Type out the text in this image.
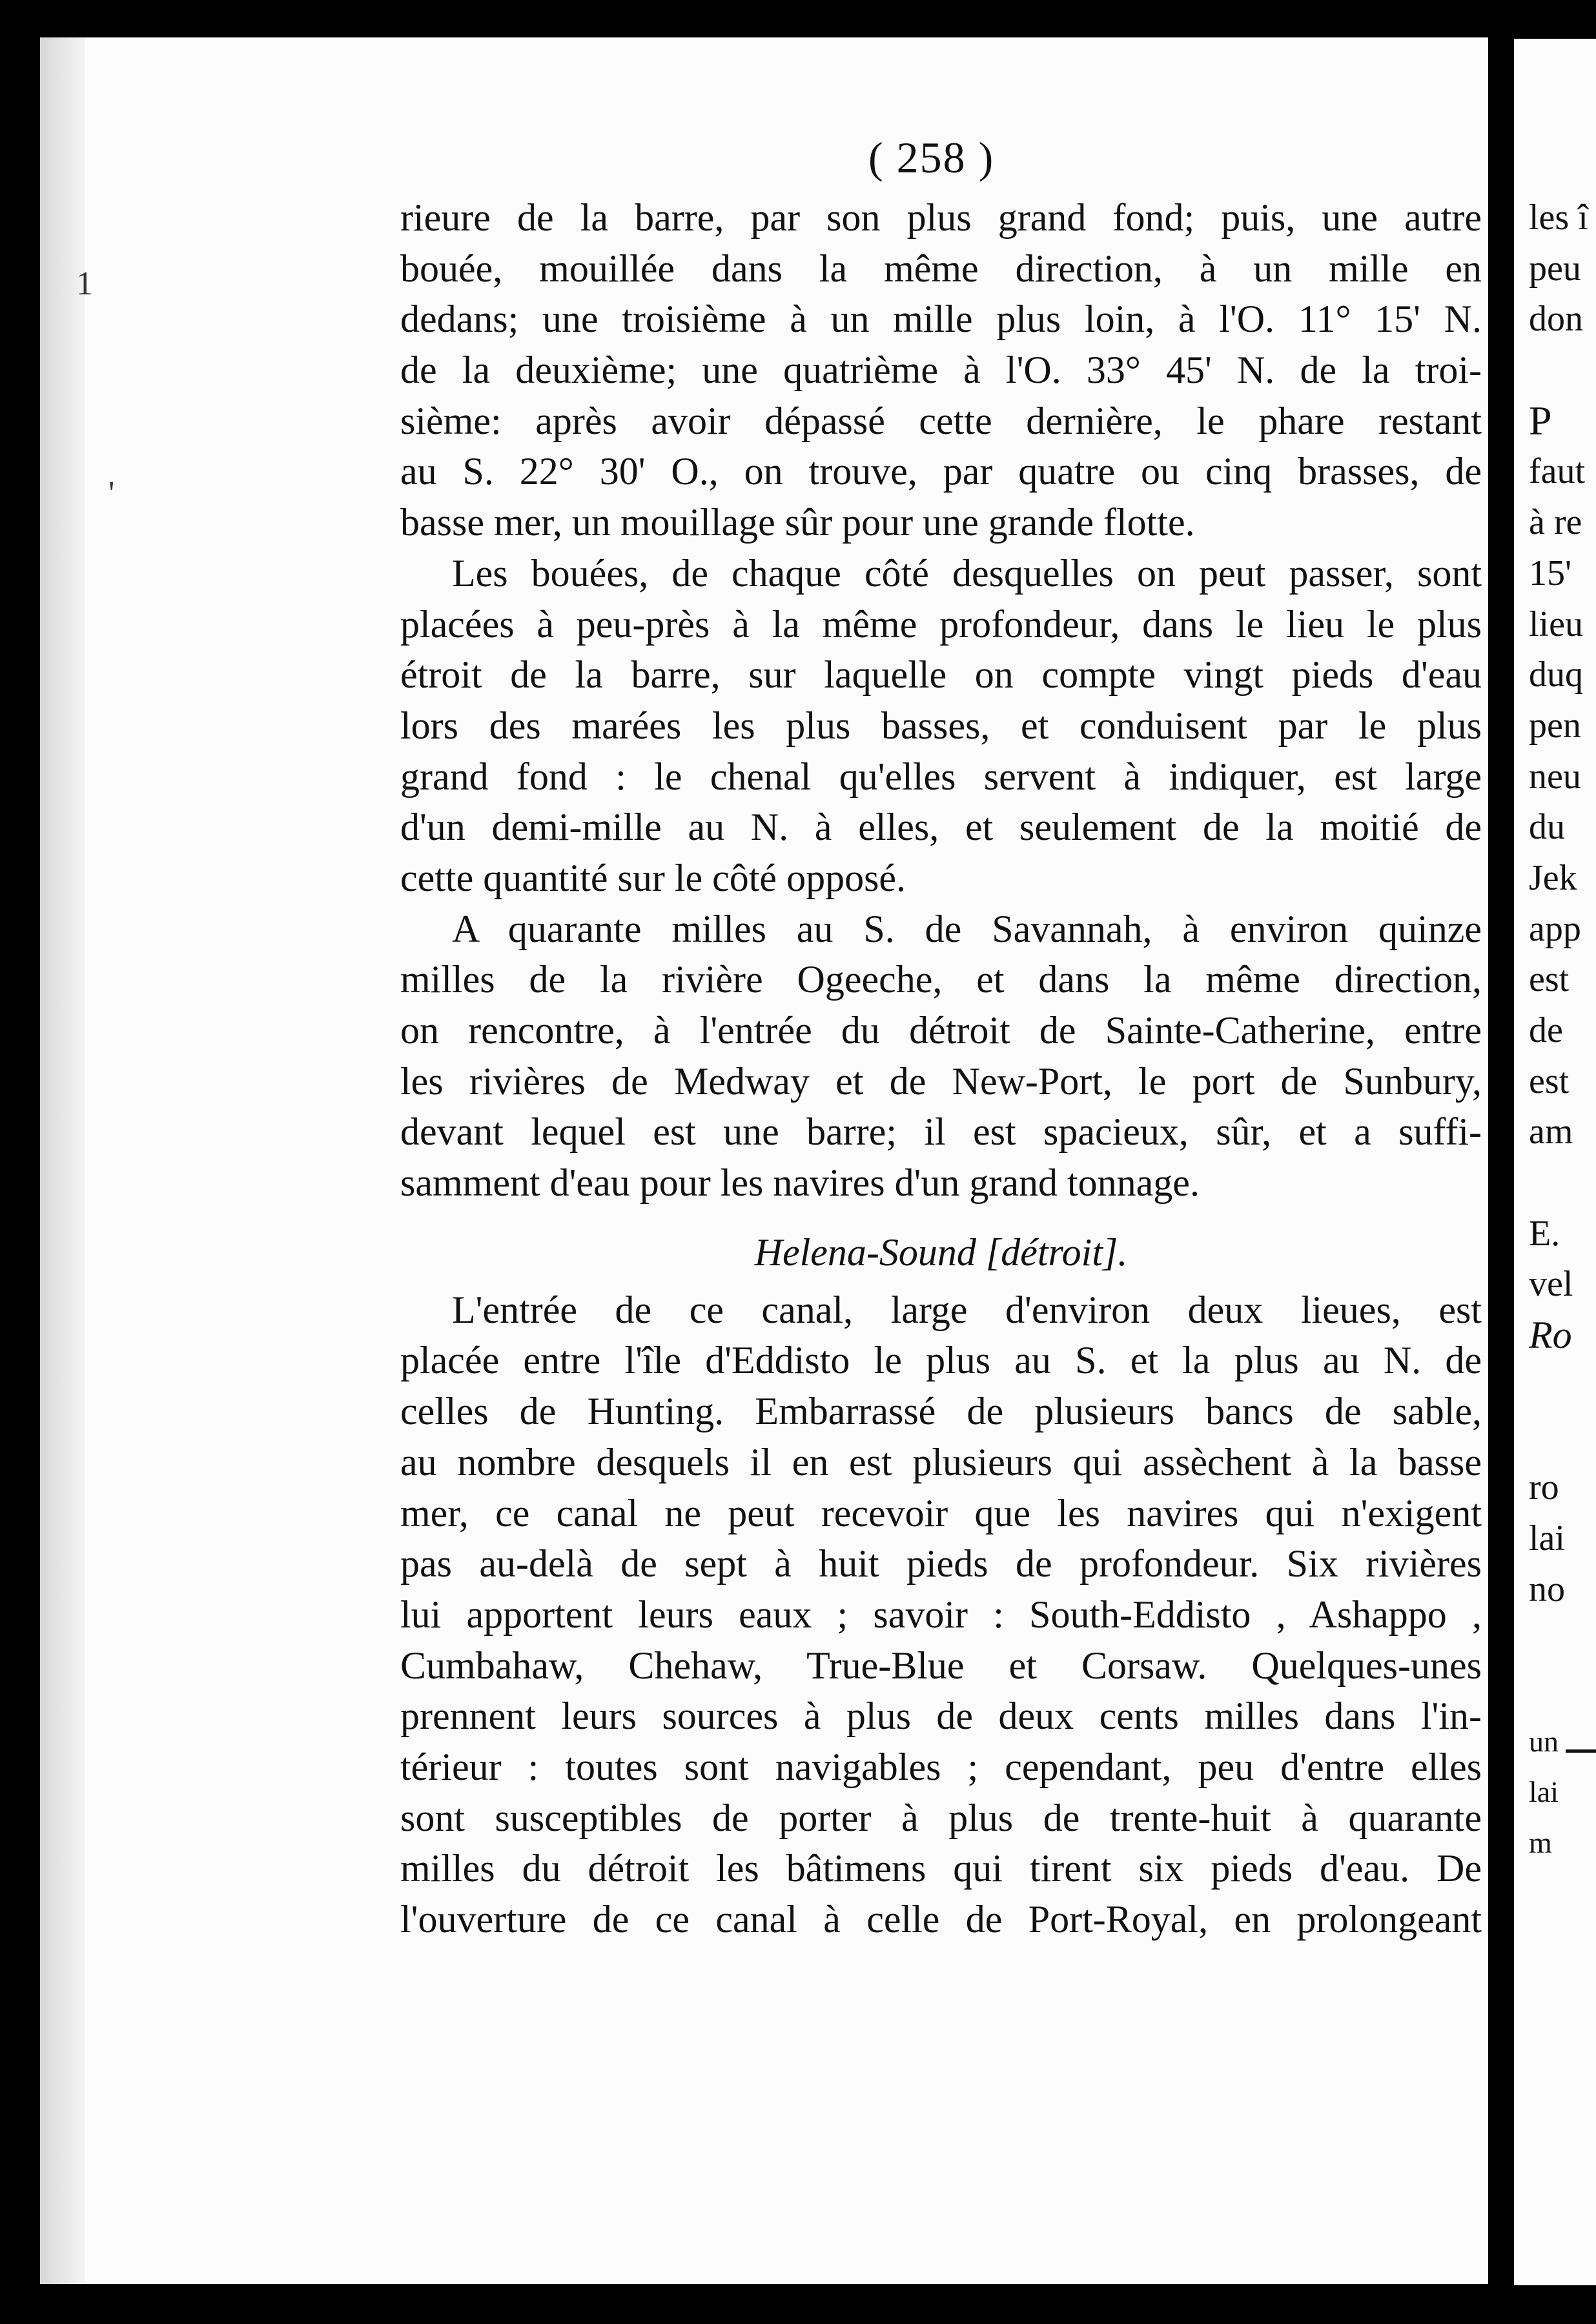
1
'
( 258 )
rieure de la barre, par son plus grand fond; puis, une autre
bouée, mouillée dans la même direction, à un mille en
dedans; une troisième à un mille plus loin, à l'O. 11° 15' N.
de la deuxième; une quatrième à l'O. 33° 45' N. de la troi-
sième: après avoir dépassé cette dernière, le phare restant
au S. 22° 30' O., on trouve, par quatre ou cinq brasses, de
basse mer, un mouillage sûr pour une grande flotte.
Les bouées, de chaque côté desquelles on peut passer, sont
placées à peu-près à la même profondeur, dans le lieu le plus
étroit de la barre, sur laquelle on compte vingt pieds d'eau
lors des marées les plus basses, et conduisent par le plus
grand fond : le chenal qu'elles servent à indiquer, est large
d'un demi-mille au N. à elles, et seulement de la moitié de
cette quantité sur le côté opposé.
A quarante milles au S. de Savannah, à environ quinze
milles de la rivière Ogeeche, et dans la même direction,
on rencontre, à l'entrée du détroit de Sainte-Catherine, entre
les rivières de Medway et de New-Port, le port de Sunbury,
devant lequel est une barre; il est spacieux, sûr, et a suffi-
samment d'eau pour les navires d'un grand tonnage.
Helena-Sound [détroit].
L'entrée de ce canal, large d'environ deux lieues, est
placée entre l'île d'Eddisto le plus au S. et la plus au N. de
celles de Hunting. Embarrassé de plusieurs bancs de sable,
au nombre desquels il en est plusieurs qui assèchent à la basse
mer, ce canal ne peut recevoir que les navires qui n'exigent
pas au-delà de sept à huit pieds de profondeur. Six rivières
lui apportent leurs eaux ; savoir : South-Eddisto , Ashappo ,
Cumbahaw, Chehaw, True-Blue et Corsaw. Quelques-unes
prennent leurs sources à plus de deux cents milles dans l'in-
térieur : toutes sont navigables ; cependant, peu d'entre elles
sont susceptibles de porter à plus de trente-huit à quarante
milles du détroit les bâtimens qui tirent six pieds d'eau. De
l'ouverture de ce canal à celle de Port-Royal, en prolongeant
les î
peu
don
P
faut
à re
15'
lieu
duq
pen
neu
du
Jek
app
est
de
est
am
E.
vel
Ro
ro
lai
no
un
lai
m
